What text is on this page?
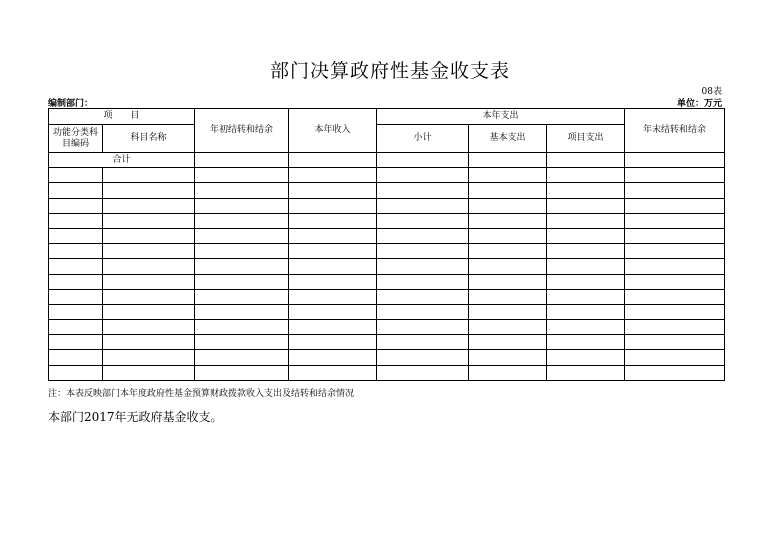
部门决算政府性基金收支表
08表
编制部门：	单位：万元
项　　目		年初结转和结余	本年收入	本年支出			年末结转和结余
功能分类科目编码	科目名称			小计	基本支出	项目支出	
合计							

注：本表反映部门本年度政府性基金预算财政拨款收入支出及结转和结余情况
本部门2017年无政府基金收支。
